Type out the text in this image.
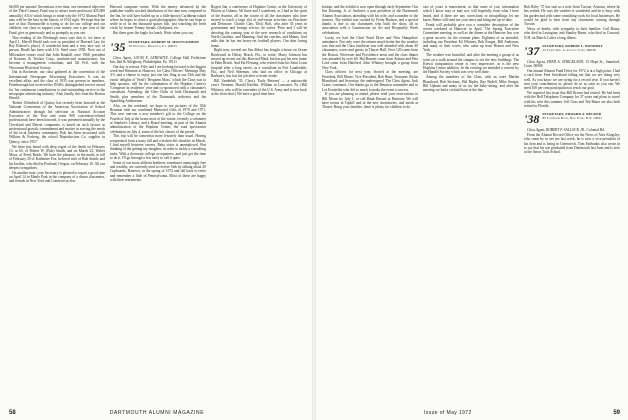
66,000 per annum! (Inventions over time, our esteemed objective of the Third Century Fund was to attract more professors $25,000 annually.) All of which brings to mind why the 1972 Alumni Fund may well be the best in the history of 1914 right. We hope that the size of that Thomasville is trying to do for our college and our children, our class to support your money one a per cent of the Fund, give as generously and as promptly as you can.

That reading of the Pittsburgh news says that it: we have at April 1, Merrill Heald took over as president of Harvard Law (in Ray Roberts's place). A wonderful man and a very nice sort of person, Heald has been with U.S. Steel since 1958. Next out of Milwaukee comes word that John Randall, once 1968, president of Kearney & Trecker Corp., machine-tool manufacturer, has become a management consultant, and Gil Fell, with the Wisconsin Historical Society.

Out in Rochester, our class gathered at the convention of the International Newspaper Advertising Executives. It was an excellent affair, and the class of 1935 was present in numbers. Peterborough has received the INAEs distinguished service award for 'his continuous contributions to and outstanding service to the newspaper advertising industry.' And, finally, this from the Boston Herald:

'Robert Offenbeck of Quincy has recently been honored at the National Convention of the American Association of School Administrators through his selection as National Account Executive of the Year and some 900 convention-related professionals have been honored, it was presented annually by the Cleveland and Detroit companies, is based on such factors as professional growth, commitment and motive in serving the needs of the local business community. Bob has been associated with Wilkins & Fosberg, the school Reproduction Co. supplier in Quincy, since 1957.'

We have just heard with deep regret of the death on February 13, at 65, of Robert W. (Bob) Smith; and on March 23, Walter Moos, of Fresh Beads. We have the pleasure, in the mails, to tell of February 29 of Katherine Fox, beloved wife of Bob Smith; and his brother, who died in Portland, Oregon, on February 10. All our deepest sympathies.

On another note, your Secretary is pleased to report a good time on April 14 in Menlo Park in the company of a dozen classmates, and friends in New York and Connecticut also.

Harvard computer center. With the money advanced by the publisher widely stocked distributors of the time now compared to the Inn, he will have bailed up in a little-known Caribbean island where he hopes to shoot a good photographic film he can hope to settle in of its ten thousand spawn fish, just watching the fresh vivid, by former Tenney friends, Glubjoans, etc.

But there goes the bugle for lunch. Write when you can.

'35 SECRETARY, ROBERT M. MONTGOMERY
70 Woodhill, Deerfield, Ill. 60015

Class Agent, LOUIS E. LEBOWITZ, College Hall Fieldstone Inn, Ilad & Allegheny, Philadelphia, Pa. 19111

Our day is serious. Fifty and I are looking forward to the biggest week-end Reunion at Hanover, for Class Officers' Meetings May 4-5, and a chance to enjoy just one last fling at our 35th and the exotic delights of Verdi's 'Requiem Mass,' which the Class was to help sponsor, will be the culmination of the Hopkins Center's 'Composer in residence' year and co-sponsored with a classmate's consultant. Attending: the Glee Clubs of both Dartmouth and Smith, plus members of the Dartmouth orchestra and the Spaulding Auditorium.

Also, on the weekend, we hope to see pictures of the 35th Reunion with our combined Memorial Gifts of 1970 and 1971. This new one-son a new member's gift to the College on the Fourth of July at the house most of the winter, recently a volunteer at Stephen's Library, and a Board meeting, as part of the Alumni administration of the Hopkins Center, the road spectacular celebration on July 4, some of the hot classes of the period.

This trip will be somewhat more leisurely than usual. Having recuperated from a nasty fall and a broken left shoulder in March, I find myself between careers. Baby sister is unemployed. Was thinking of the getting my daughter, in order to tackle a consulting tasks. With a doctorate college acceptances, and just get the time to do it, I'll go through a few early to call it quits.

Some of our more affluent brethren, sometimes annoyingly free and wealthy, are currently tend to receive Oak by talking about 20 Cupboards, Hanover, in the spring of 1972 and fall back to retire and remember a little of Pennsylvania. Most of these are happy with their retirements.

Rogers Inn, a conference of Hopkins Center, at the University of Illinois at Urbana. All three and I wondered, as I had in the spirit of the Sunrise, all in the course of all the classmates who have moved to teach a large slot of real-estate activities on Peachtree and Delaware. Charlie Clay, 'Dick' Bolt, who after 35 years in government and foreign service, he writes 'Price and I will be devoting the coming year to the new research of conditions on North Carolina,' and Manning. And the coaches, and Manny. Gud adds that he has ten heavy-set football players. Our dear loving home.

Right now, several are Jim Abbot has bought a house on Ocean Boulevard in Delray Beach, Fla., to retire; Marty Johnson has moved up recent out this Harvard Maid, but has put his new home in Palm Beach. And Pat Fleming, who retired from his Saint Louis hospital after a long career, as a consultant in Fort Lauderdale, Fla., and Neil Sherman, who had an office in Chicago at Barbara's, has lost his job after a recent stroke.

Bill Vanderbilt '35, Class's 'Early Retirees' — a nationwide year's Vermont, Harold Kniffen, William in Lancaster, Pa. (Bill Whitney, who will be a member of the U.S. Army and is now back at the front door.) We have a good time here.

58	DARTMOUTH ALUMNI MAGAZINE

bottom, and the exhibit is now open through early September. Our Jim Dunning, Jr. of Andover, a past president of the Dartmouth Alumni Association, attending with his wife, and a number of the trustees. The exhibit was curated by Ferdy Hudson, and a special thanks is due to our classmates who built the show, all in association with a Commission on Art and Hospitality Week celebrations.

Lucky we had the Chief Fund Drive and New Hampshire attendance. Not only were the returns much better but the weather was fine and the Class luncheon was well attended with about 40 classmates, wives and guests in Thayer Hall. Over 120 came from the Boston, Worcester and Providence areas and the class dinner was attended by over 60. Hal Burnett came from Atlanta and Pete Lord came from Hartford; John Whitney brought a group from New York.

Class officers for next year, elected at the meeting, are President, Bill Morse; Vice-President, Bob Hunt; Treasurer, Rufus Blanchard; and Secretary, the undersigned. The Class Agent, Jack Crane, continues. Our thanks go to the Reunion committee and to Les Kosterlitz who did so much to make the event a success.

If you are planning to attend, please send your reservations to Bill Morse by July 1, or call Hank Bassett at Hanover. We will have rooms in Topliff and in the new dormitories, and meals at Thayer. Bring your families; there is plenty for children to do.

cars of yours is nonexistent, so that some of you, information which I know may or may not, will hopefully from what I have heard, and if there are any corrections or misspellings let me know. Better still send me your news and bring me up-to-date.

Frank will probably give you a complete description of the recent weekend at Hanover in April. The Spring Executive Committee meeting, as well as the dinner at the Hanover Inn, was a great success for the reunion plans. Eighteen of us attended, including our President Ed Whitney, Bob Kruger, Bill Anderson, and many of their wives, who came up from Boston and New York.

The weather was beautiful, and after the meeting a group of us went on a walk around the campus to see the new buildings. The Kiewit computation center is very impressive, as is the new Hopkins Center addition. In the evening we attended a concert by the Handel Society which was very well done.

Among the members of the Class, with us were Martha Blanchard, Bob Stickney, Hal Ripley, Ray Bedell, Mike Sturgis, Bill Upham and many of us for the baby-sitting, and after the meeting we had a cocktail hour at the Inn.

Bob Riley '37 has sent us a note from Tucson, Arizona, where he has retired. He says the weather is wonderful and he is busy with his garden and with some consulting work for local businesses. He would be glad to hear from any classmates coming through Tucson.

News of deaths, with sympathy to their families: Carl Bruns, who died in Lexington; and Stanley Burns, who died in Concord, N.H. on March 2 after a long illness.

'37 SECRETARY, ROBERT L. BONEBOY
13 Curtis Rd., Lakeville, Conn. 06039

Class Agent, FRED A. STRICKLAND, 15 Hope St., Stamford, Conn. 06906

Our annual Alumni Fund Drive for 1972 is at a high point. I had a card from Fred Strickland telling me that we are doing very well. As you know we are trying for a record year. If you haven't sent your contribution in, please do so as soon as you can. We need 100 per cent participation to reach our goal.

We reported last issue that Bill Brown had retired. He had been with the Bell Telephone Company for 37 years and plans to travel with his wife this summer. Jeff Goss and Ted Bauer are also both retired in Florida.

'38 SECRETARY, EDWARD A. BECKER
85 Landmark Road, New York, N.Y. 10021

Class Agent, ROBERT F. SALLOCK JR., Colonial Rd.

From the Alumni Record Office via the News of Alex Kingsley, who came by to see me last week, he is now a vice-president of his firm and is living in Greenwich. Tom Fairbanks also wrote in to say that his son graduated from Dartmouth last June and is now at the Amos Tuck School.

Issue of May 1972	59
